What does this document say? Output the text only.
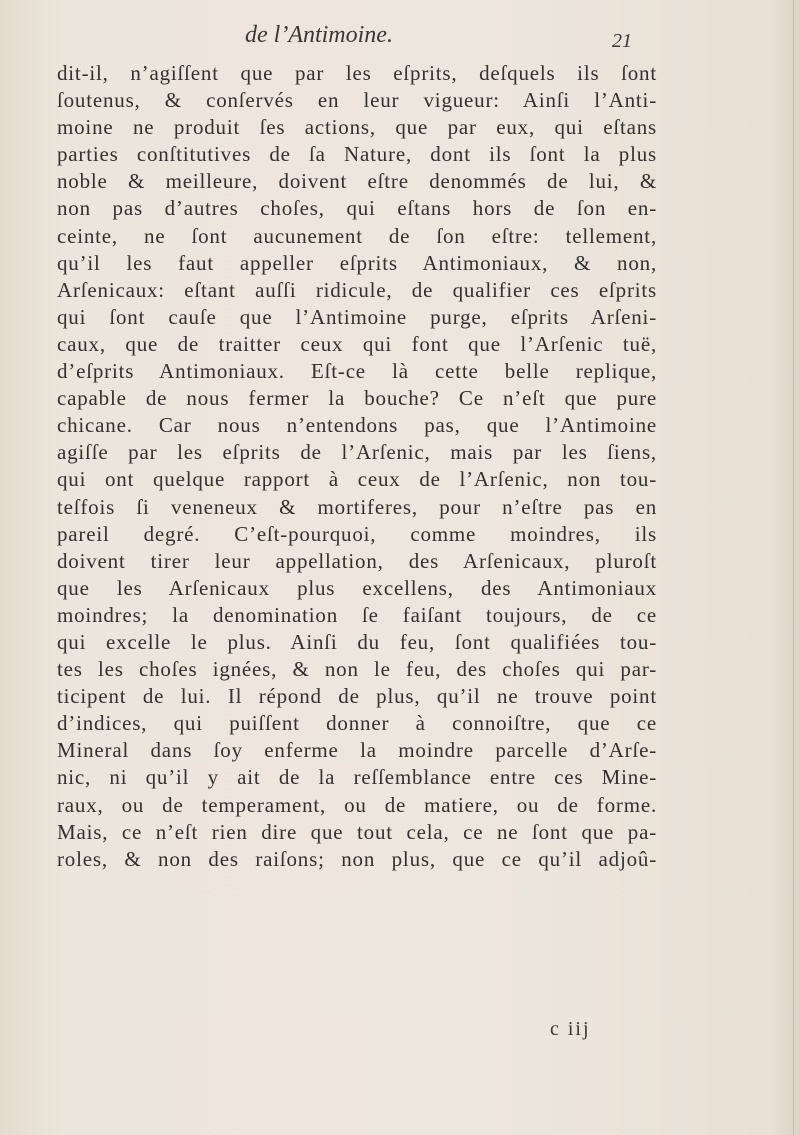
de l’Antimoine.	21
dit-il, n’agiſſent que par les eſprits, deſquels ils ſont
ſoutenus, & conſervés en leur vigueur: Ainſi l’Anti-
moine ne produit ſes actions, que par eux, qui eſtans
parties conſtitutives de ſa Nature, dont ils ſont la plus
noble & meilleure, doivent eſtre denommés de lui, &
non pas d’autres choſes, qui eſtans hors de ſon en-
ceinte, ne ſont aucunement de ſon eſtre: tellement,
qu’il les faut appeller eſprits Antimoniaux, & non,
Arſenicaux: eſtant auſſi ridicule, de qualifier ces eſprits
qui ſont cauſe que l’Antimoine purge, eſprits Arſeni-
caux, que de traitter ceux qui font que l’Arſenic tuë,
d’eſprits Antimoniaux. Eſt-ce là cette belle replique,
capable de nous fermer la bouche? Ce n’eſt que pure
chicane. Car nous n’entendons pas, que l’Antimoine
agiſſe par les eſprits de l’Arſenic, mais par les ſiens,
qui ont quelque rapport à ceux de l’Arſenic, non tou-
teſfois ſi veneneux & mortiferes, pour n’eſtre pas en
pareil degré. C’eſt-pourquoi, comme moindres, ils
doivent tirer leur appellation, des Arſenicaux, pluroſt
que les Arſenicaux plus excellens, des Antimoniaux
moindres; la denomination ſe faiſant toujours, de ce
qui excelle le plus. Ainſi du feu, ſont qualifiées tou-
tes les choſes ignées, & non le feu, des choſes qui par-
ticipent de lui. Il répond de plus, qu’il ne trouve point
d’indices, qui puiſſent donner à connoiſtre, que ce
Mineral dans ſoy enferme la moindre parcelle d’Arſe-
nic, ni qu’il y ait de la reſſemblance entre ces Mine-
raux, ou de temperament, ou de matiere, ou de forme.
Mais, ce n’eſt rien dire que tout cela, ce ne ſont que pa-
roles, & non des raiſons; non plus, que ce qu’il adjoû-
c iij
